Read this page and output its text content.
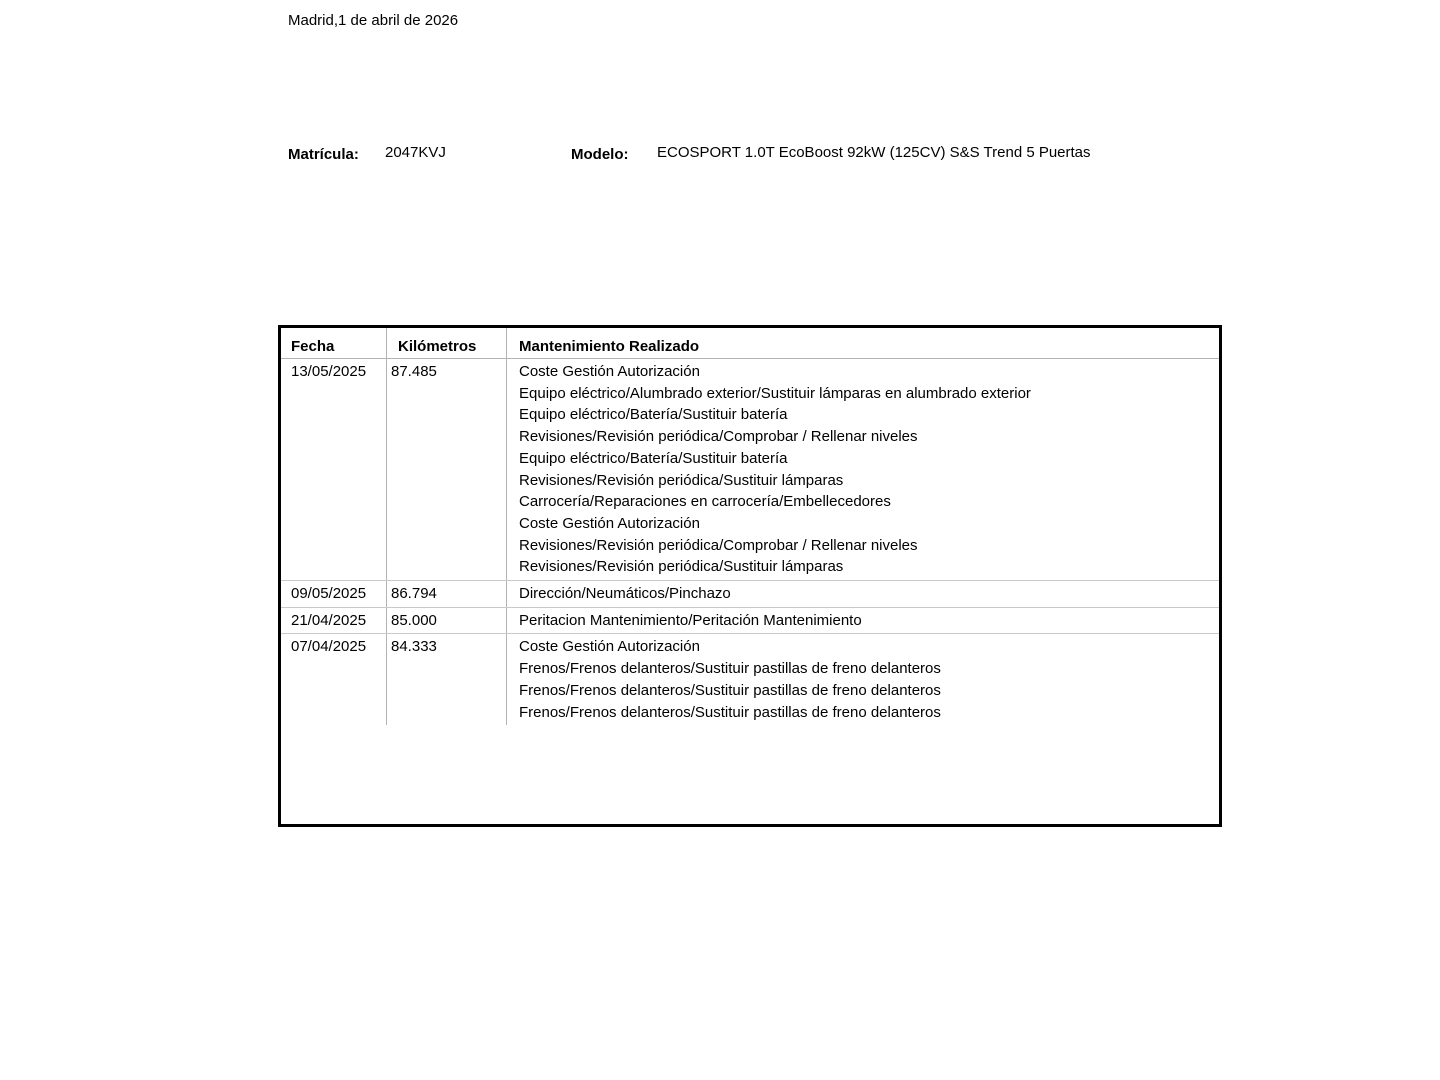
Madrid,1 de abril de 2026
Matrícula: 2047KVJ	Modelo: ECOSPORT 1.0T EcoBoost 92kW (125CV) S&S Trend 5 Puertas
Fecha	Kilómetros	Mantenimiento Realizado
13/05/2025	87.485	Coste Gestión Autorización
Equipo eléctrico/Alumbrado exterior/Sustituir lámparas en alumbrado exterior
Equipo eléctrico/Batería/Sustituir batería
Revisiones/Revisión periódica/Comprobar / Rellenar niveles
Equipo eléctrico/Batería/Sustituir batería
Revisiones/Revisión periódica/Sustituir lámparas
Carrocería/Reparaciones en carrocería/Embellecedores
Coste Gestión Autorización
Revisiones/Revisión periódica/Comprobar / Rellenar niveles
Revisiones/Revisión periódica/Sustituir lámparas
09/05/2025	86.794	Dirección/Neumáticos/Pinchazo
21/04/2025	85.000	Peritacion Mantenimiento/Peritación Mantenimiento
07/04/2025	84.333	Coste Gestión Autorización
Frenos/Frenos delanteros/Sustituir pastillas de freno delanteros
Frenos/Frenos delanteros/Sustituir pastillas de freno delanteros
Frenos/Frenos delanteros/Sustituir pastillas de freno delanteros
